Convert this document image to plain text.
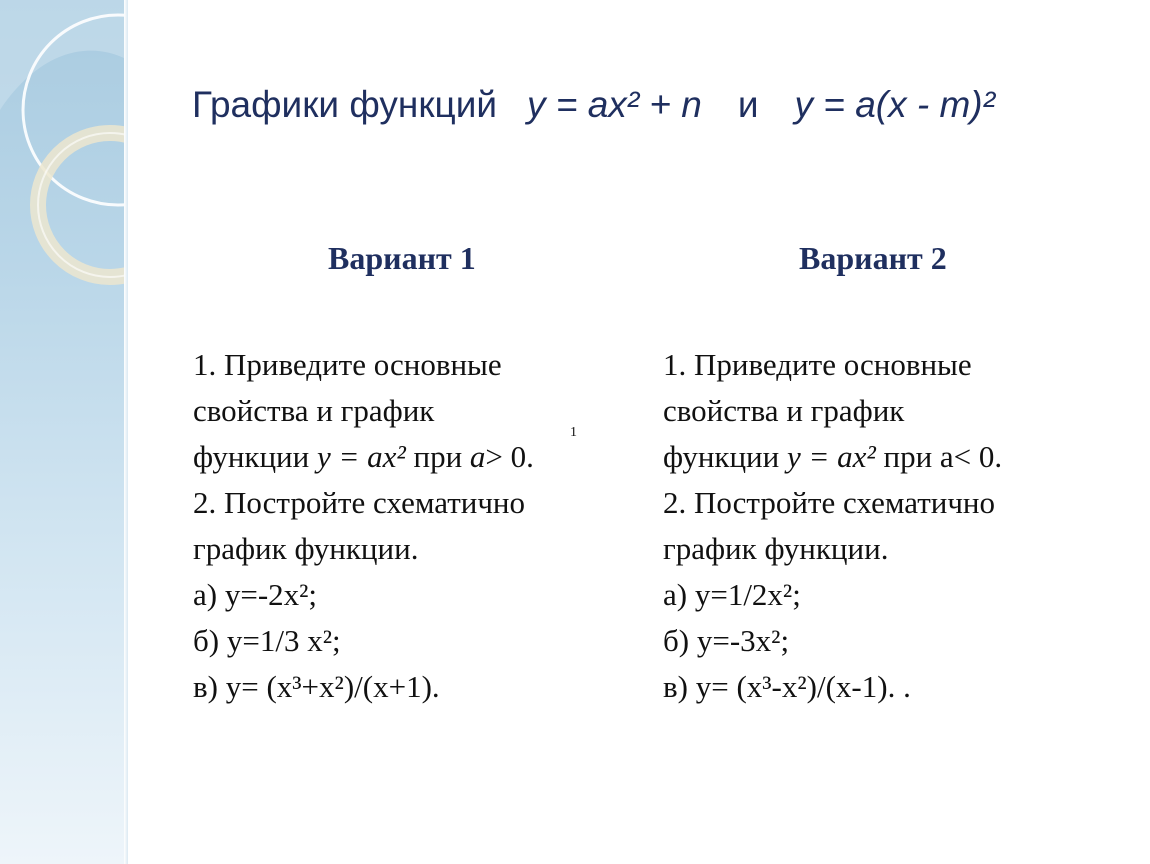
Графики функций y = ax² + n и y = a(x - m)²
Вариант 1	Вариант 2
1. Приведите основные
свойства и график
функции y = ax² при a> 0.
2. Постройте схематично
график функции.
а) y=-2x²;
б) y=1/3 x²;
в) y= (x³+x²)/(x+1).
1
1. Приведите основные
свойства и график
функции y = ax² при а< 0.
2. Постройте схематично
график функции.
а) y=1/2x²;
б) y=-3x²;
в) y= (x³-x²)/(x-1). .
